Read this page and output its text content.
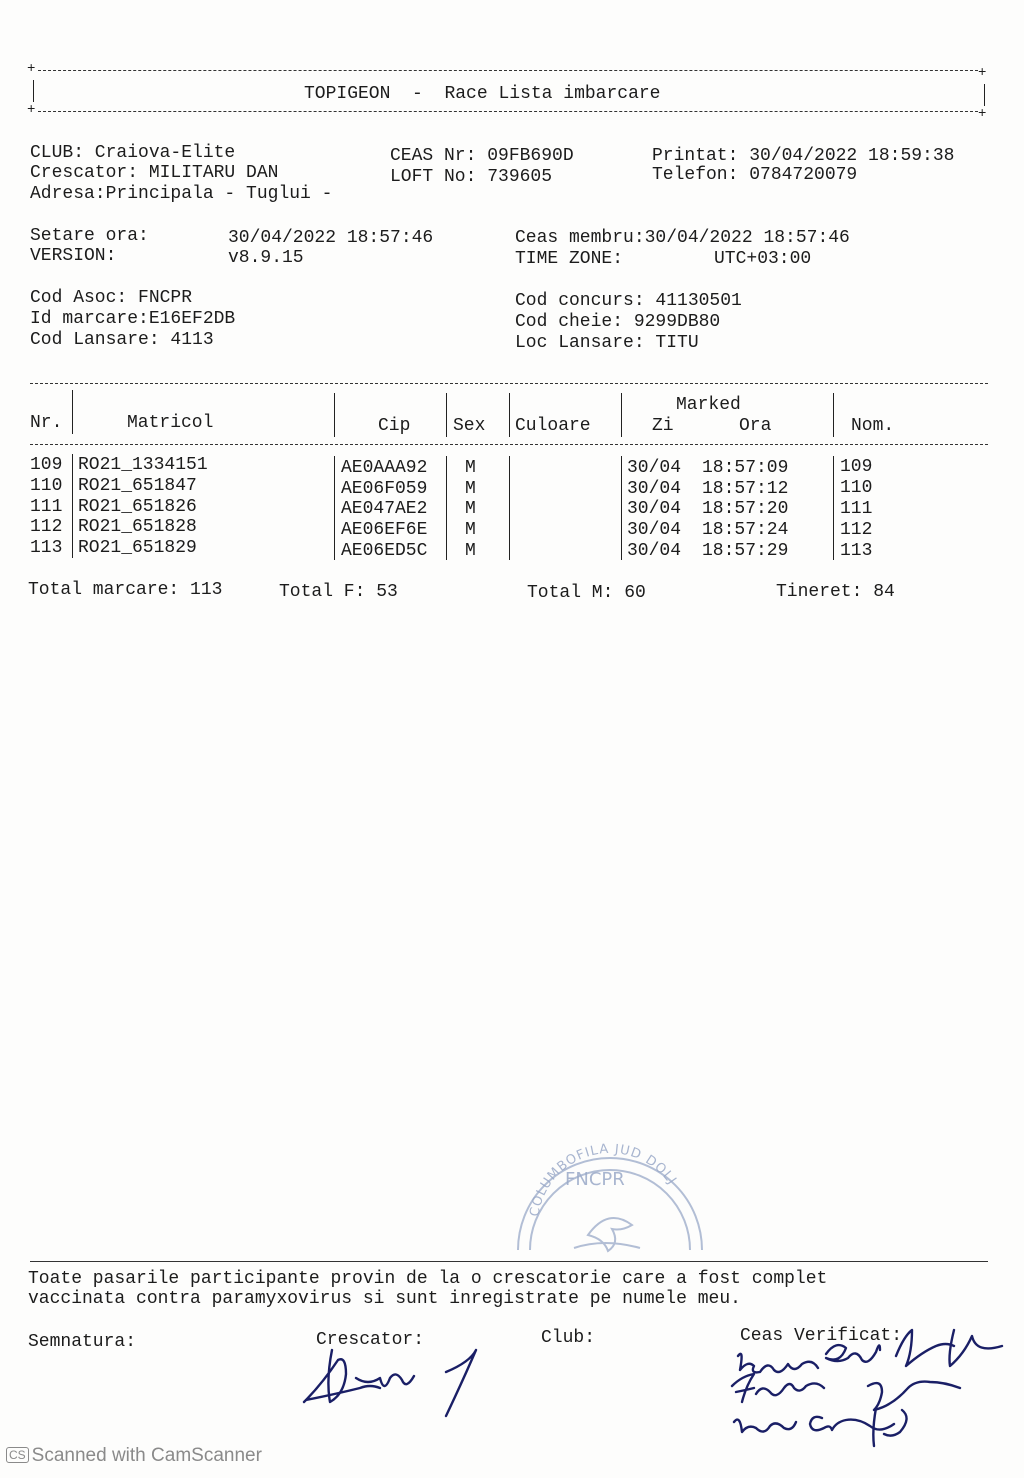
+	+
TOPIGEON - Race Lista imbarcare
+	+
CLUB: Craiova-Elite
Crescator: MILITARU DAN
Adresa:Principala - Tuglui -
CEAS Nr: 09FB690D
LOFT No: 739605
Printat: 30/04/2022 18:59:38
Telefon: 0784720079
Setare ora:	30/04/2022 18:57:46
VERSION:	v8.9.15
Ceas membru:30/04/2022 18:57:46
TIME ZONE:	UTC+03:00
Cod Asoc: FNCPR
Id marcare:E16EF2DB
Cod Lansare: 4113
Cod concurs: 41130501
Cod cheie: 9299DB80
Loc Lansare: TITU
Nr.	Matricol	Cip Sex Culoare
Marked
Zi	Ora	Nom.
109 RO21_1334151	AE0AAA92 M	30/04 18:57:09	109
110 RO21_651847	AE06F059 M	30/04 18:57:12	110
111 RO21_651826	AE047AE2 M	30/04 18:57:20	111
112 RO21_651828	AE06EF6E M	30/04 18:57:24	112
113 RO21_651829	AE06ED5C M	30/04 18:57:29	113
Total marcare: 113	Total F: 53	Total M: 60	Tineret: 84
COLUMBOFILA JUD DOLJ
FNCPR
Toate pasarile participante provin de la o crescatorie care a fost complet
vaccinata contra paramyxovirus si sunt inregistrate pe numele meu.
Semnatura:	Crescator:	Club:	Ceas Verificat:
CS Scanned with CamScanner
